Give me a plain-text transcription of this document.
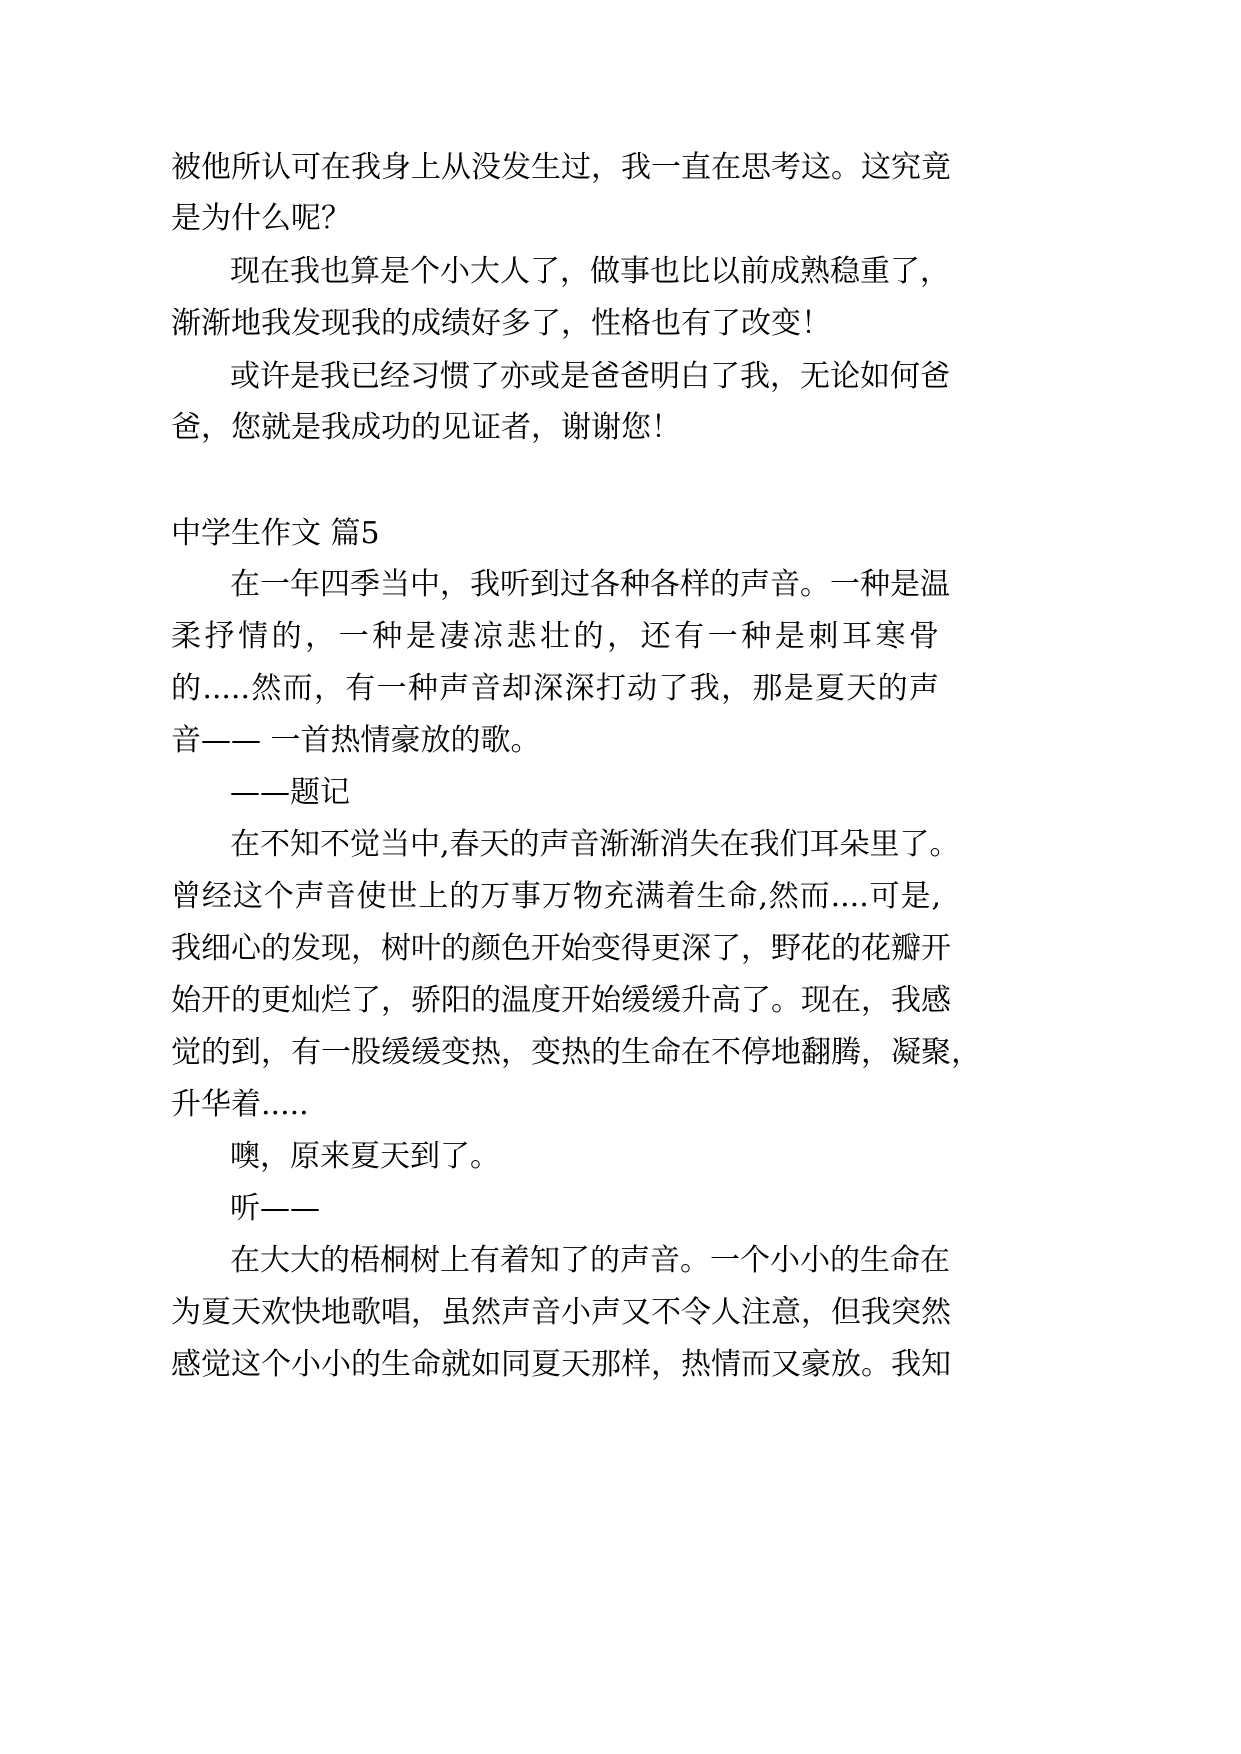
被他所认可在我身上从没发生过，我一直在思考这。这究竟
是为什么呢？
现在我也算是个小大人了，做事也比以前成熟稳重了，
渐渐地我发现我的成绩好多了，性格也有了改变！
或许是我已经习惯了亦或是爸爸明白了我，无论如何爸
爸，您就是我成功的见证者，谢谢您！
中学生作文 篇5
在一年四季当中，我听到过各种各样的声音。一种是温
柔抒情的，一种是凄凉悲壮的，还有一种是刺耳寒骨
的.....然而，有一种声音却深深打动了我，那是夏天的声
音—— 一首热情豪放的歌。
——题记
在不知不觉当中,春天的声音渐渐消失在我们耳朵里了。
曾经这个声音使世上的万事万物充满着生命,然而....可是,
我细心的发现，树叶的颜色开始变得更深了，野花的花瓣开
始开的更灿烂了，骄阳的温度开始缓缓升高了。现在，我感
觉的到，有一股缓缓变热，变热的生命在不停地翻腾，凝聚，
升华着.....
噢，原来夏天到了。
听——
在大大的梧桐树上有着知了的声音。一个小小的生命在
为夏天欢快地歌唱，虽然声音小声又不令人注意，但我突然
感觉这个小小的生命就如同夏天那样，热情而又豪放。我知
